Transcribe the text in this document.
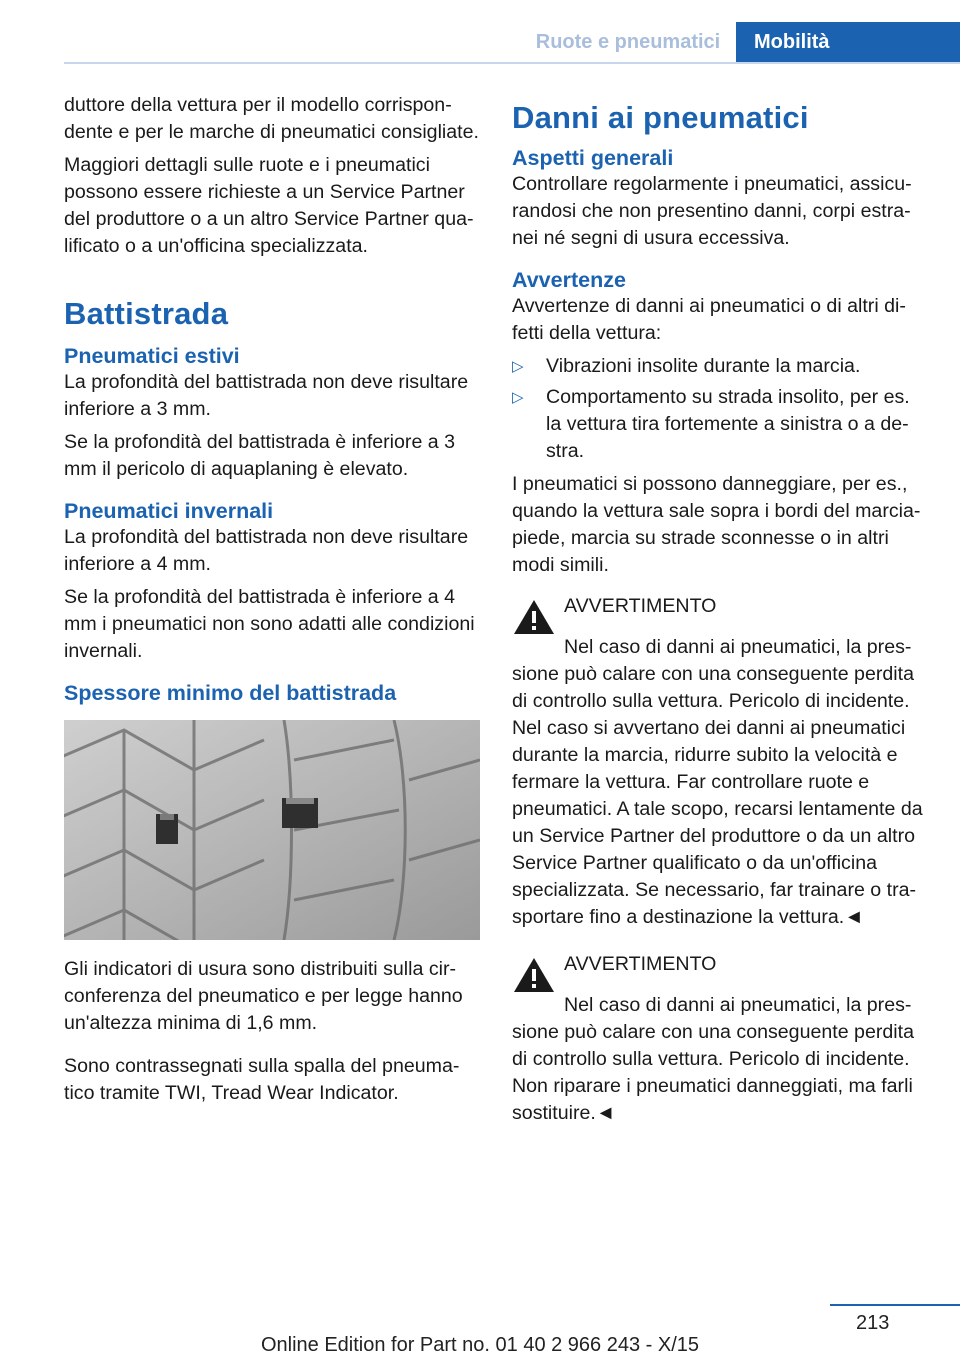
Ruote e pneumatici	Mobilità

duttore della vettura per il modello corrispondente e per le marche di pneumatici consigliate.

Maggiori dettagli sulle ruote e i pneumatici possono essere richieste a un Service Partner del produttore o a un altro Service Partner qualificato o a un'officina specializzata.

Battistrada
Pneumatici estivi

La profondità del battistrada non deve risultare inferiore a 3 mm.

Se la profondità del battistrada è inferiore a 3 mm il pericolo di aquaplaning è elevato.

Pneumatici invernali

La profondità del battistrada non deve risultare inferiore a 4 mm.

Se la profondità del battistrada è inferiore a 4 mm i pneumatici non sono adatti alle condizioni invernali.

Spessore minimo del battistrada

Gli indicatori di usura sono distribuiti sulla circonferenza del pneumatico e per legge hanno un'altezza minima di 1,6 mm.

Sono contrassegnati sulla spalla del pneumatico tramite TWI, Tread Wear Indicator.

Danni ai pneumatici
Aspetti generali

Controllare regolarmente i pneumatici, assicurandosi che non presentino danni, corpi estranei né segni di usura eccessiva.

Avvertenze

Avvertenze di danni ai pneumatici o di altri difetti della vettura:

▷	Vibrazioni insolite durante la marcia.
▷	Comportamento su strada insolito, per es. la vettura tira fortemente a sinistra o a destra.

I pneumatici si possono danneggiare, per es., quando la vettura sale sopra i bordi del marciapiede, marcia su strade sconnesse o in altri modi simili.

AVVERTIMENTO

Nel caso di danni ai pneumatici, la pressione può calare con una conseguente perdita di controllo sulla vettura. Pericolo di incidente. Nel caso si avvertano dei danni ai pneumatici durante la marcia, ridurre subito la velocità e fermare la vettura. Far controllare ruote e pneumatici. A tale scopo, recarsi lentamente da un Service Partner del produttore o da un altro Service Partner qualificato o da un'officina specializzata. Se necessario, far trainare o trasportare fino a destinazione la vettura.◄

AVVERTIMENTO

Nel caso di danni ai pneumatici, la pressione può calare con una conseguente perdita di controllo sulla vettura. Pericolo di incidente. Non riparare i pneumatici danneggiati, ma farli sostituire.◄

213
Online Edition for Part no. 01 40 2 966 243 - X/15
